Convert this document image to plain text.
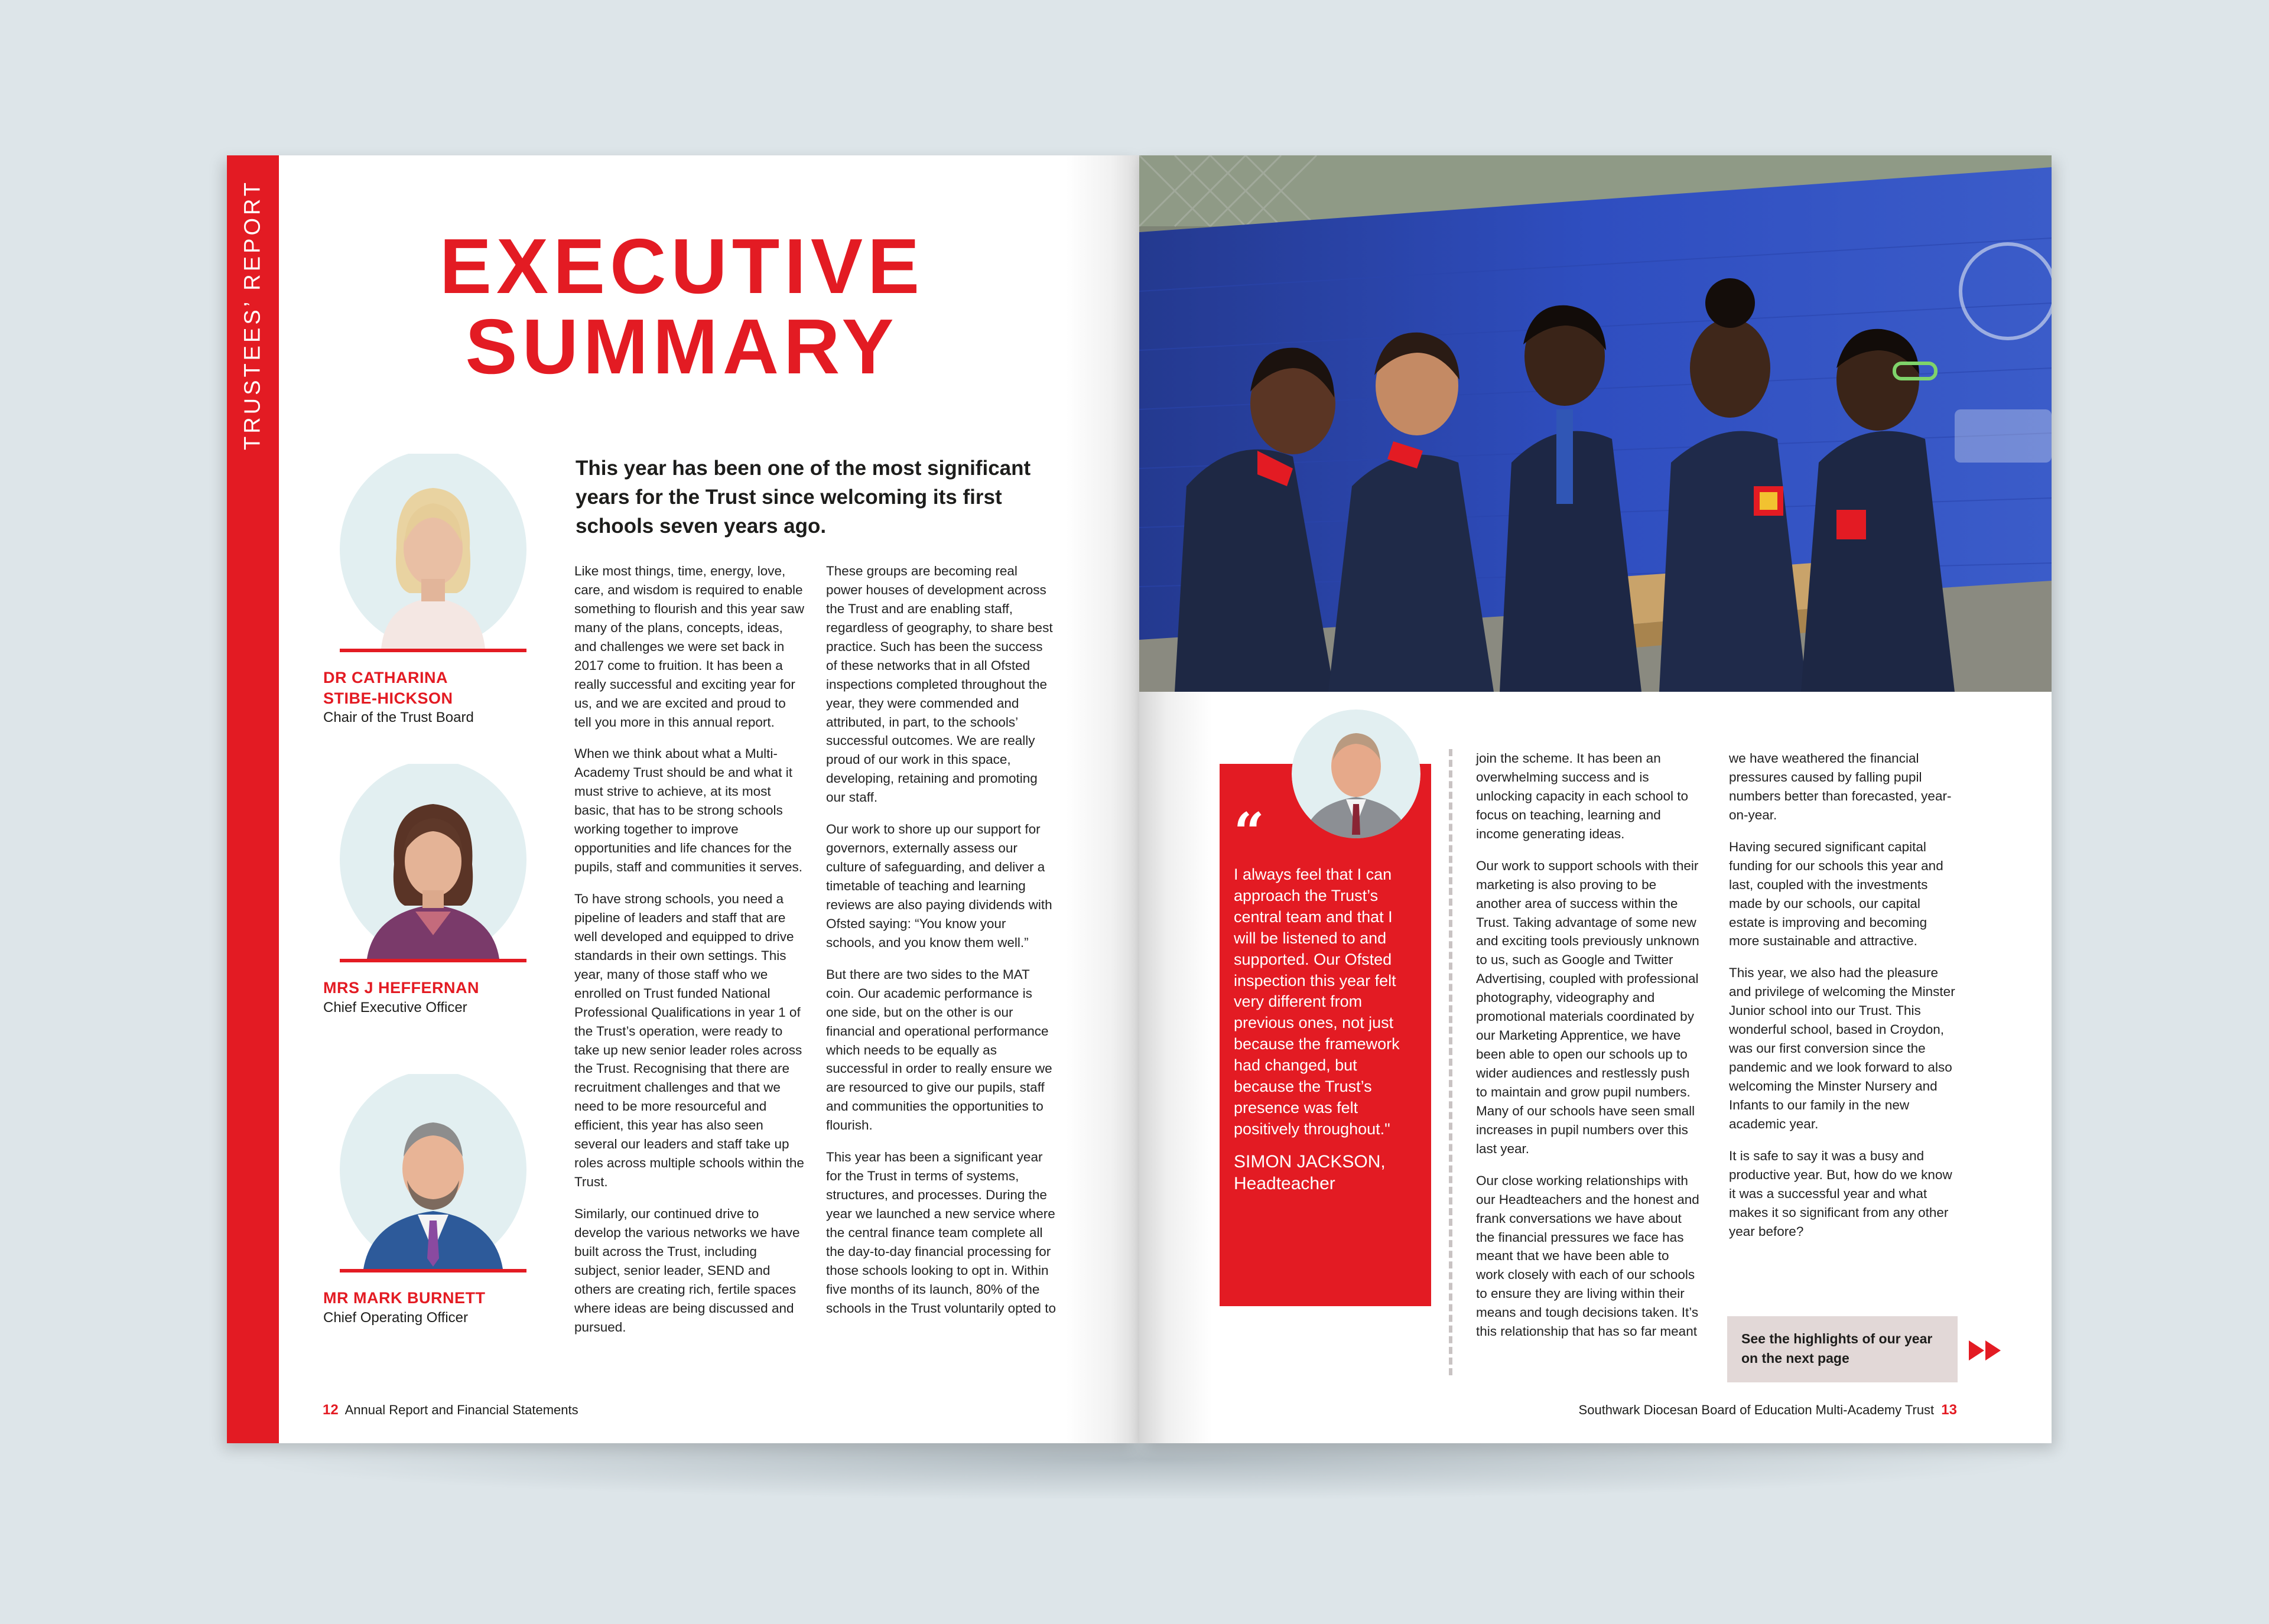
TRUSTEES’ REPORT	EXECUTIVE
SUMMARY
This year has been one of the most significant years for the Trust since welcoming its first schools seven years ago.
DR CATHARINA
STIBE-HICKSON
Chair of the Trust Board
MRS J HEFFERNAN
Chief Executive Officer
MR MARK BURNETT
Chief Operating Officer

Like most things, time, energy, love, care, and wisdom is required to enable something to flourish and this year saw many of the plans, concepts, ideas, and challenges we were set back in 2017 come to fruition. It has been a really successful and exciting year for us, and we are excited and proud to tell you more in this annual report.

When we think about what a Multi-Academy Trust should be and what it must strive to achieve, at its most basic, that has to be strong schools working together to improve opportunities and life chances for the pupils, staff and communities it serves.

To have strong schools, you need a pipeline of leaders and staff that are well developed and equipped to drive standards in their own settings. This year, many of those staff who we enrolled on Trust funded National Professional Qualifications in year 1 of the Trust’s operation, were ready to take up new senior leader roles across the Trust. Recognising that there are recruitment challenges and that we need to be more resourceful and efficient, this year has also seen several our leaders and staff take up roles across multiple schools within the Trust.

Similarly, our continued drive to develop the various networks we have built across the Trust, including subject, senior leader, SEND and others are creating rich, fertile spaces where ideas are being discussed and pursued.

These groups are becoming real power houses of development across the Trust and are enabling staff, regardless of geography, to share best practice. Such has been the success of these networks that in all Ofsted inspections completed throughout the year, they were commended and attributed, in part, to the schools’ successful outcomes. We are really proud of our work in this space, developing, retaining and promoting our staff.

Our work to shore up our support for governors, externally assess our culture of safeguarding, and deliver a timetable of teaching and learning reviews are also paying dividends with Ofsted saying: “You know your schools, and you know them well.”

But there are two sides to the MAT coin. Our academic performance is one side, but on the other is our financial and operational performance which needs to be equally as successful in order to really ensure we are resourced to give our pupils, staff and communities the opportunities to flourish.

This year has been a significant year for the Trust in terms of systems, structures, and processes. During the year we launched a new service where the central finance team complete all the day-to-day financial processing for those schools looking to opt in. Within five months of its launch, 80% of the schools in the Trust voluntarily opted to

12 Annual Report and Financial Statements
“
I always feel that I can approach the Trust’s central team and that I will be listened to and supported. Our Ofsted inspection this year felt very different from previous ones, not just because the framework had changed, but because the Trust’s presence was felt positively throughout."
SIMON JACKSON,
Headteacher

join the scheme. It has been an overwhelming success and is unlocking capacity in each school to focus on teaching, learning and income generating ideas.

Our work to support schools with their marketing is also proving to be another area of success within the Trust. Taking advantage of some new and exciting tools previously unknown to us, such as Google and Twitter Advertising, coupled with professional photography, videography and promotional materials coordinated by our Marketing Apprentice, we have been able to open our schools up to wider audiences and restlessly push to maintain and grow pupil numbers. Many of our schools have seen small increases in pupil numbers over this last year.

Our close working relationships with our Headteachers and the honest and frank conversations we have about the financial pressures we face has meant that we have been able to work closely with each of our schools to ensure they are living within their means and tough decisions taken. It’s this relationship that has so far meant

we have weathered the financial pressures caused by falling pupil numbers better than forecasted, year-on-year.

Having secured significant capital funding for our schools this year and last, coupled with the investments made by our schools, our capital estate is improving and becoming more sustainable and attractive.

This year, we also had the pleasure and privilege of welcoming the Minster Junior school into our Trust. This wonderful school, based in Croydon, was our first conversion since the pandemic and we look forward to also welcoming the Minster Nursery and Infants to our family in the new academic year.

It is safe to say it was a busy and productive year. But, how do we know it was a successful year and what makes it so significant from any other year before?

See the highlights of our year on the next page
Southwark Diocesan Board of Education Multi-Academy Trust 13
